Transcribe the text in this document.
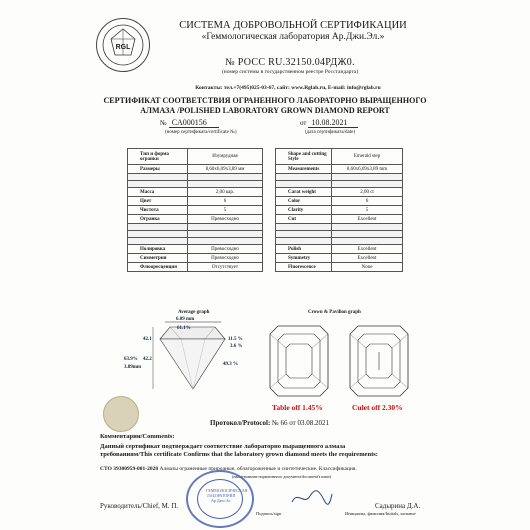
RGL
СИСТЕМА ДОБРОВОЛЬНОЙ СЕРТИФИКАЦИИ
«Геммологическая лаборатория Ар.Джи.Эл.»
№ РОСС RU.32150.04РДЖ0.
(номер системы в государственном реестре Росстандарта)
Контакты: тел.+7(495)025-03-67, сайт: www.Rglab.ru, E-mail: info@rglab.ru
СЕРТИФИКАТ СООТВЕТСТВИЯ ОГРАНЕННОГО ЛАБОРАТОРНО ВЫРАЩЕННОГО
АЛМАЗА /POLISHED LABORATORY GROWN DIAMOND REPORT
№ CA000156
(номер сертификата/certificate №)
от 10.08.2021
(дата сертификата/date)
Тип и форма огранки	Изумрудная
Размеры	8,60x6,09x3,89 мм

Масса	2,00 кар.
Цвет	6
Чистота	5
Огранка	Превосходно

Полировка	Превосходно
Симметрия	Превосходно
Флюоресценция	Отсутствует
Shape and cutting Style	Emerald step
Measurements	8,60x6,09x3,89 mm

Carat weight	2,00 ct
Color	6
Clarity	5
Cut	Excellent

Polish	Excellent
Symmetry	Excellent
Fluorescence	None
Average graph
6.09 mm
61.1%
11.5 %
3.6 %
42.1
63.9%
3.89mm
42.2
49.3 %
Crown & Pavilion graph
Table off 1.45%	Culet off 2.30%
Протокол/Protocol: № 66 от 03.08.2021
Комментарии/Comments:
Данный сертификат подтверждает соответствие лабораторно выращенного алмаза
требованиям/This certificate Confirms that the laboratory grown diamond meets the requirements:
СТО 39300959-001-2020 Алмазы ограненные природные, облагороженные и синтетические. Классификация.
(наименование нормативного документа/document's name)
ГЕММОЛОГИЧЕСКАЯ ЛАБОРАТОРИЯ Ар.Джи.Эл.
Руководитель/Chief, М. П.	Садырина Д.А.
Подпись/sign	Инициалы, фамилия/Initials, surname
